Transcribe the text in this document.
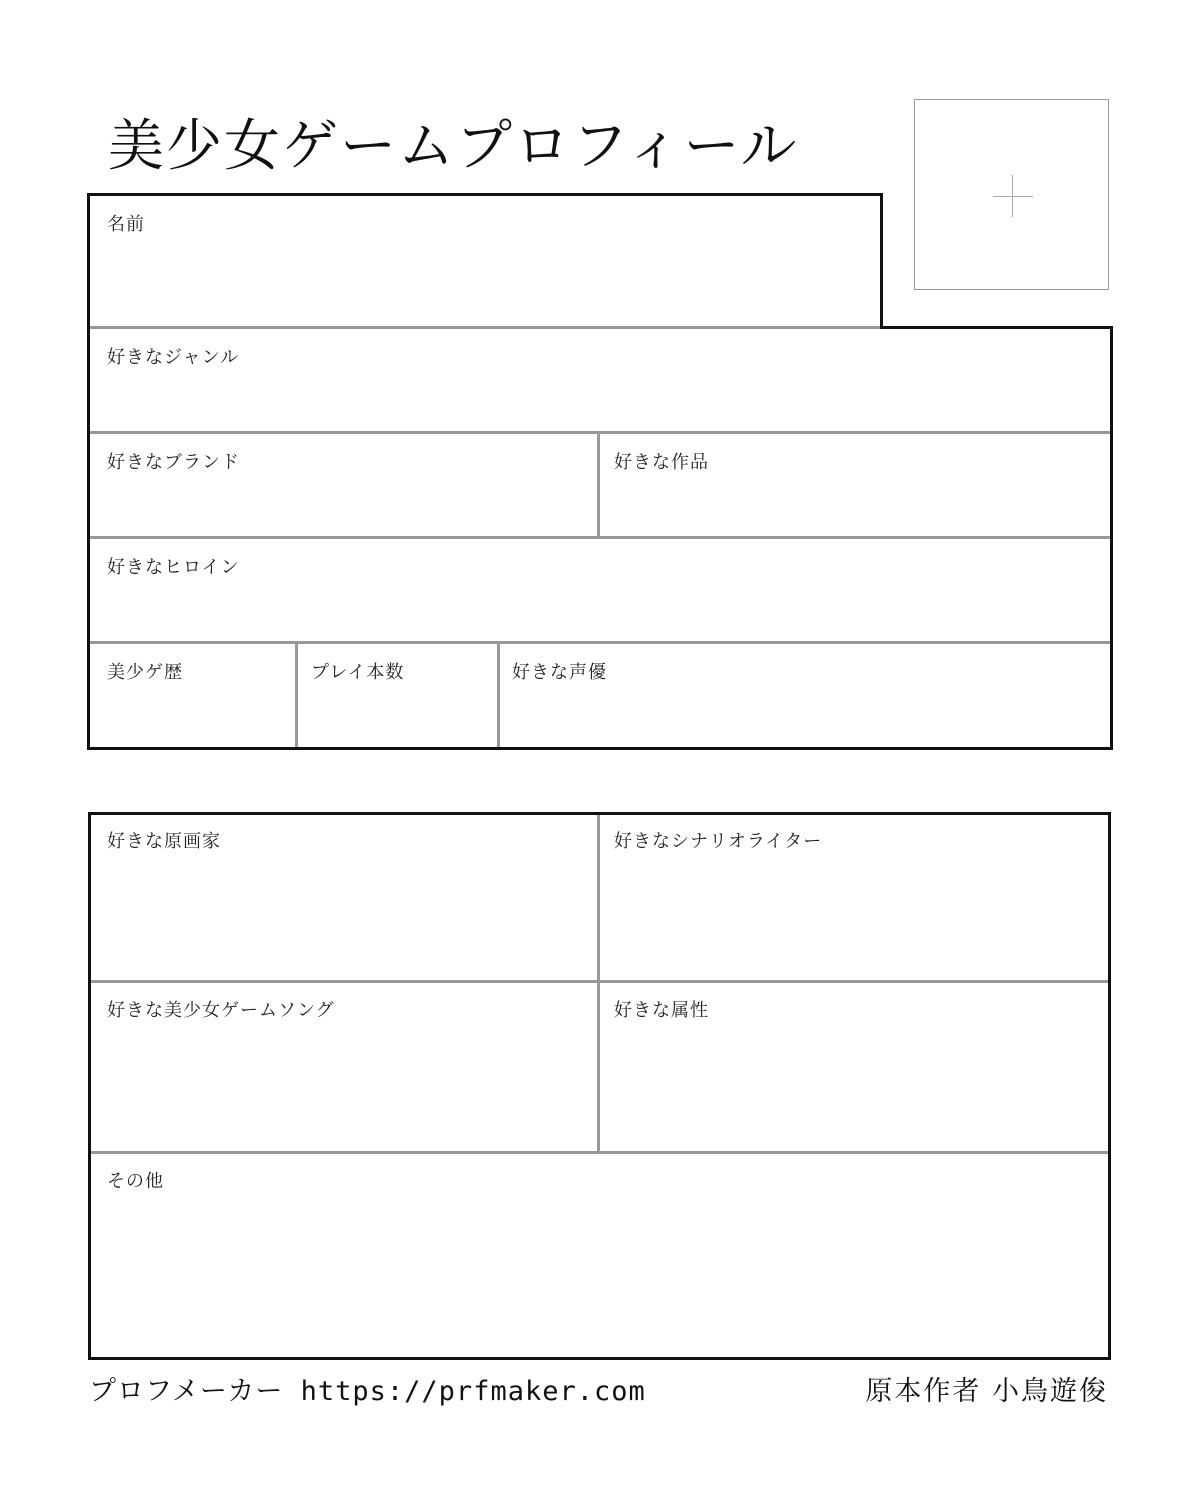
美少女ゲームプロフィール
名前
好きなジャンル
好きなブランド	好きな作品
好きなヒロイン
美少ゲ歴	プレイ本数	好きな声優
好きな原画家	好きなシナリオライター
好きな美少女ゲームソング	好きな属性
その他
プロフメーカー https://prfmaker.com	原本作者 小鳥遊俊
